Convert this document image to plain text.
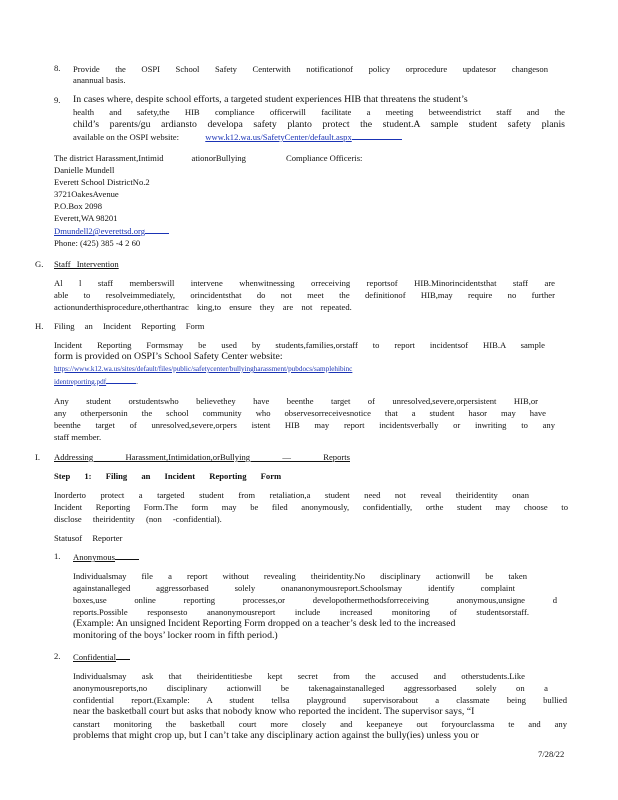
8. Provide the OSPI School Safety Centerwith notificationof policy orprocedure updatesor changeson
anannual basis.
9. In cases where, despite school efforts, a targeted student experiences HIB that threatens the student’s
health and safety,the HIB compliance officerwill facilitate a meeting betweendistrict staff and the
child’s parents/gu ardiansto developa safety planto protect the student.A sample student safety planis
available on the OSPI website:	www.k12.wa.us/SafetyCenter/default.aspx
The district Harassment,Intimid	ationorBullying	Compliance Officeris:
Danielle Mundell
Everett School DistrictNo.2
3721OakesAvenue
P.O.Box 2098
Everett,WA 98201
Dmundell2@everettsd.org
Phone: (425) 385 -4 2 60
G. Staff Intervention
Al l staff memberswill intervene whenwitnessing orreceiving reportsof HIB.Minorincidentsthat staff are
able to resolveimmediately, orincidentsthat do not meet the definitionof HIB,may require no further
actionunderthisprocedure,otherthantrac king,to ensure they are not repeated.
H. Filing an Incident Reporting Form
Incident Reporting Formsmay be used by students,families,orstaff to report incidentsof HIB.A sample
form is provided on OSPI’s School Safety Center website:
https://www.k12.wa.us/sites/default/files/public/safetycenter/bullyingharassment/pubdocs/samplehibinc
identreporting.pdf	.
Any student orstudentswho believethey have beenthe target of unresolved,severe,orpersistent HIB,or
any otherpersonin the school community who observesorreceivesnotice that a student hasor may have
beenthe target of unresolved,severe,orpers istent HIB may report incidentsverbally or inwriting to any
staff member.
I. Addressing Harassment,Intimidation,orBullying — Reports
Step 1: Filing an Incident Reporting Form
Inorderto protect a targeted student from retaliation,a student need not reveal theiridentity onan
Incident Reporting Form.The form may be filed anonymously, confidentially, orthe student may choose to
disclose theiridentity (non -confidential).
Statusof Reporter
1. Anonymous
Individualsmay file a report without revealing theiridentity.No disciplinary actionwill be taken
againstanalleged aggressorbased solely onananonymousreport.Schoolsmay identify complaint
boxes,use online reporting processes,or developothermethodsforreceiving anonymous,unsigne d
reports.Possible responsesto ananonymousreport include increased monitoring of studentsorstaff.
(Example: An unsigned Incident Reporting Form dropped on a teacher’s desk led to the increased
monitoring of the boys’ locker room in fifth period.)
2. Confidential
Individualsmay ask that theiridentitiesbe kept secret from the accused and otherstudents.Like
anonymousreports,no disciplinary actionwill be takenagainstanalleged aggressorbased solely on a
confidential report.(Example: A student tellsa playground supervisorabout a classmate being bullied
near the basketball court but asks that nobody know who reported the incident. The supervisor says, “I
canstart monitoring the basketball court more closely and keepaneye out foryourclassma te and any
problems that might crop up, but I can’t take any disciplinary action against the bully(ies) unless you or
7/28/22
